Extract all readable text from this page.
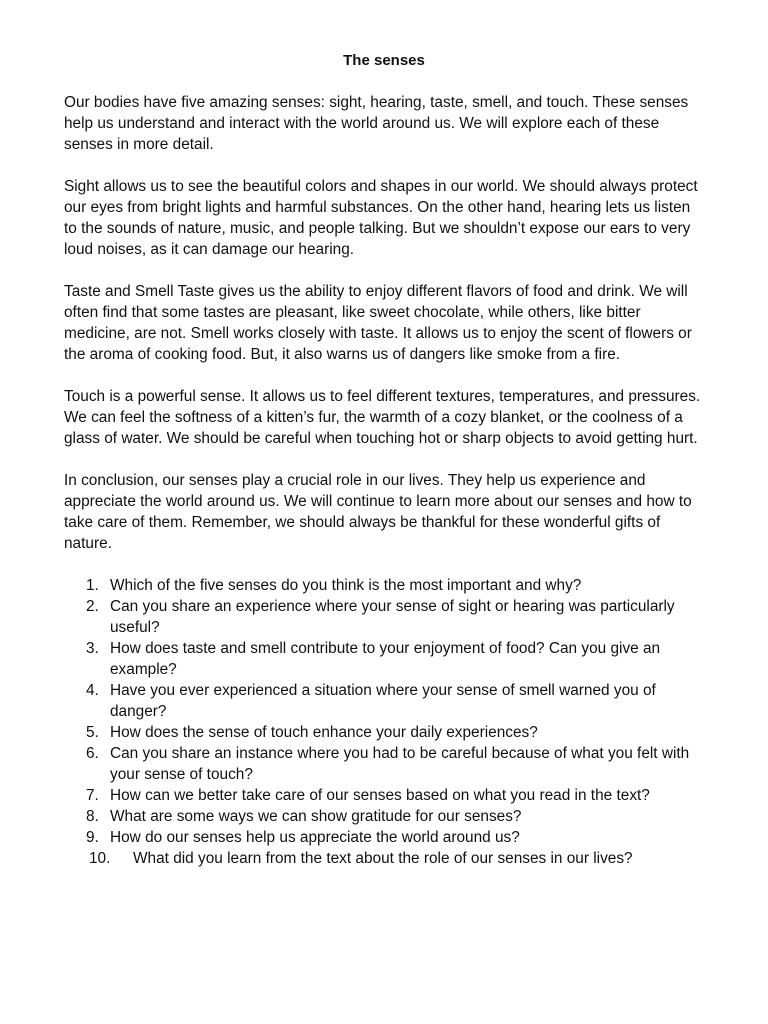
The senses

Our bodies have five amazing senses: sight, hearing, taste, smell, and touch. These senses help us understand and interact with the world around us. We will explore each of these senses in more detail.

Sight allows us to see the beautiful colors and shapes in our world. We should always protect our eyes from bright lights and harmful substances. On the other hand, hearing lets us listen to the sounds of nature, music, and people talking. But we shouldn’t expose our ears to very loud noises, as it can damage our hearing.

Taste and Smell Taste gives us the ability to enjoy different flavors of food and drink. We will often find that some tastes are pleasant, like sweet chocolate, while others, like bitter medicine, are not. Smell works closely with taste. It allows us to enjoy the scent of flowers or the aroma of cooking food. But, it also warns us of dangers like smoke from a fire.

Touch is a powerful sense. It allows us to feel different textures, temperatures, and pressures. We can feel the softness of a kitten’s fur, the warmth of a cozy blanket, or the coolness of a glass of water. We should be careful when touching hot or sharp objects to avoid getting hurt.

In conclusion, our senses play a crucial role in our lives. They help us experience and appreciate the world around us. We will continue to learn more about our senses and how to take care of them. Remember, we should always be thankful for these wonderful gifts of nature.

1. Which of the five senses do you think is the most important and why?
2. Can you share an experience where your sense of sight or hearing was particularly useful?
3. How does taste and smell contribute to your enjoyment of food? Can you give an example?
4. Have you ever experienced a situation where your sense of smell warned you of danger?
5. How does the sense of touch enhance your daily experiences?
6. Can you share an instance where you had to be careful because of what you felt with your sense of touch?
7. How can we better take care of our senses based on what you read in the text?
8. What are some ways we can show gratitude for our senses?
9. How do our senses help us appreciate the world around us?
10. What did you learn from the text about the role of our senses in our lives?
